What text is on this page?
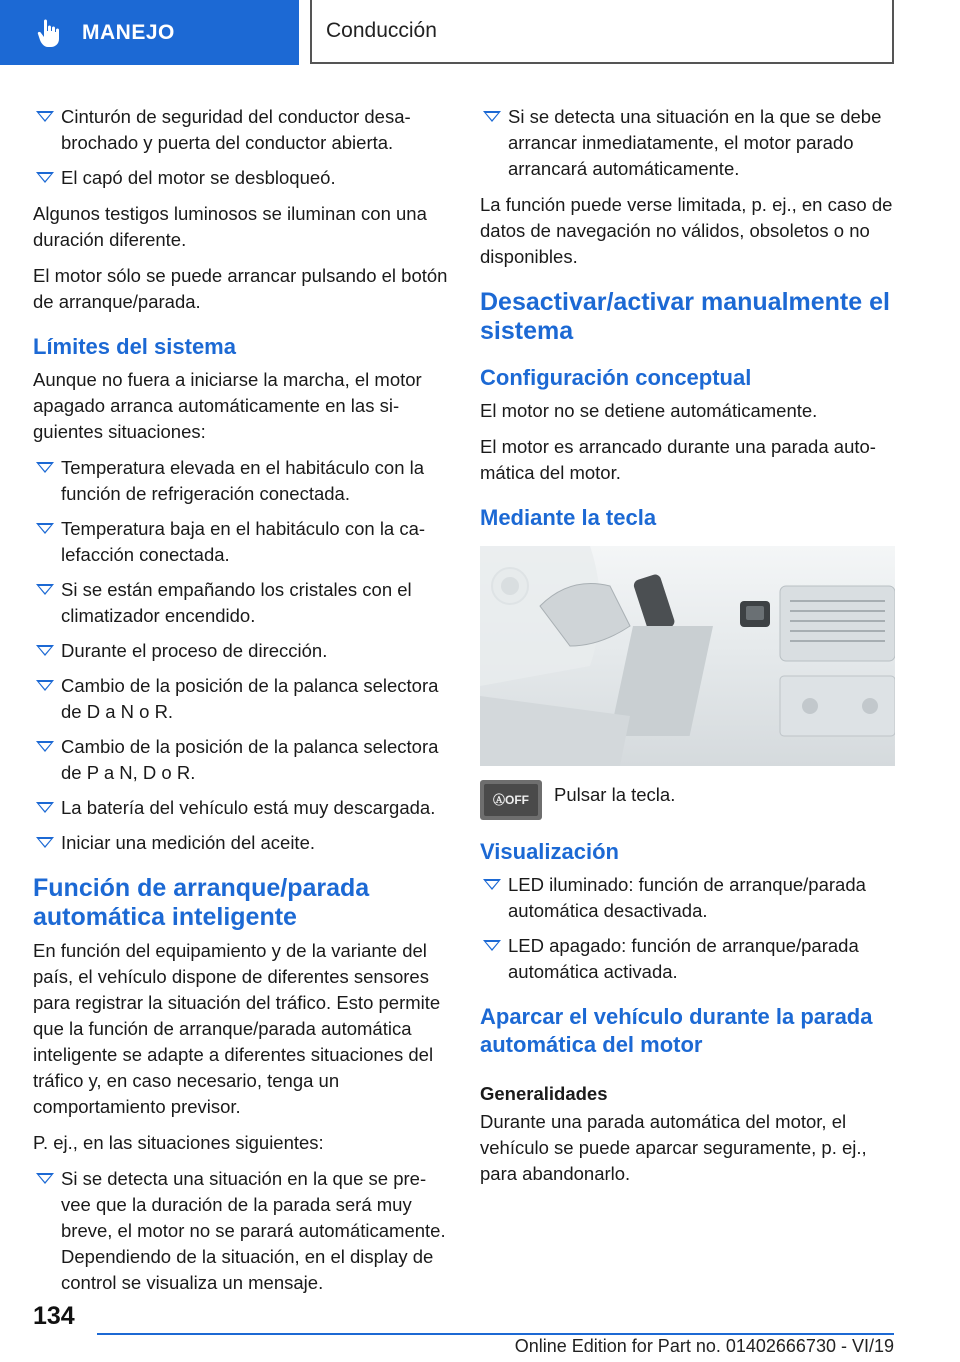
MANEJO	Conducción
Cinturón de seguridad del conductor desabrochado y puerta del conductor abierta.
El capó del motor se desbloqueó.

Algunos testigos luminosos se iluminan con una duración diferente.

El motor sólo se puede arrancar pulsando el botón de arranque/parada.

Límites del sistema

Aunque no fuera a iniciarse la marcha, el motor apagado arranca automáticamente en las siguientes situaciones:

Temperatura elevada en el habitáculo con la función de refrigeración conectada.
Temperatura baja en el habitáculo con la calefacción conectada.
Si se están empañando los cristales con el climatizador encendido.
Durante el proceso de dirección.
Cambio de la posición de la palanca selectora de D a N o R.
Cambio de la posición de la palanca selectora de P a N, D o R.
La batería del vehículo está muy descargada.
Iniciar una medición del aceite.
Función de arranque/parada automática inteligente

En función del equipamiento y de la variante del país, el vehículo dispone de diferentes sensores para registrar la situación del tráfico. Esto permite que la función de arranque/parada automática inteligente se adapte a diferentes situaciones del tráfico y, en caso necesario, tenga un comportamiento previsor.

P. ej., en las situaciones siguientes:

Si se detecta una situación en la que se prevee que la duración de la parada será muy breve, el motor no se parará automáticamente. Dependiendo de la situación, en el display de control se visualiza un mensaje.
Si se detecta una situación en la que se debe arrancar inmediatamente, el motor parado arrancará automáticamente.

La función puede verse limitada, p. ej., en caso de datos de navegación no válidos, obsoletos o no disponibles.

Desactivar/activar manualmente el sistema
Configuración conceptual

El motor no se detiene automáticamente.

El motor es arrancado durante una parada automática del motor.

Mediante la tecla
Ⓐ OFF Pulsar la tecla.
Visualización
LED iluminado: función de arranque/parada automática desactivada.
LED apagado: función de arranque/parada automática activada.
Aparcar el vehículo durante la parada automática del motor
Generalidades

Durante una parada automática del motor, el vehículo se puede aparcar seguramente, p. ej., para abandonarlo.

134
Online Edition for Part no. 01402666730 - VI/19
